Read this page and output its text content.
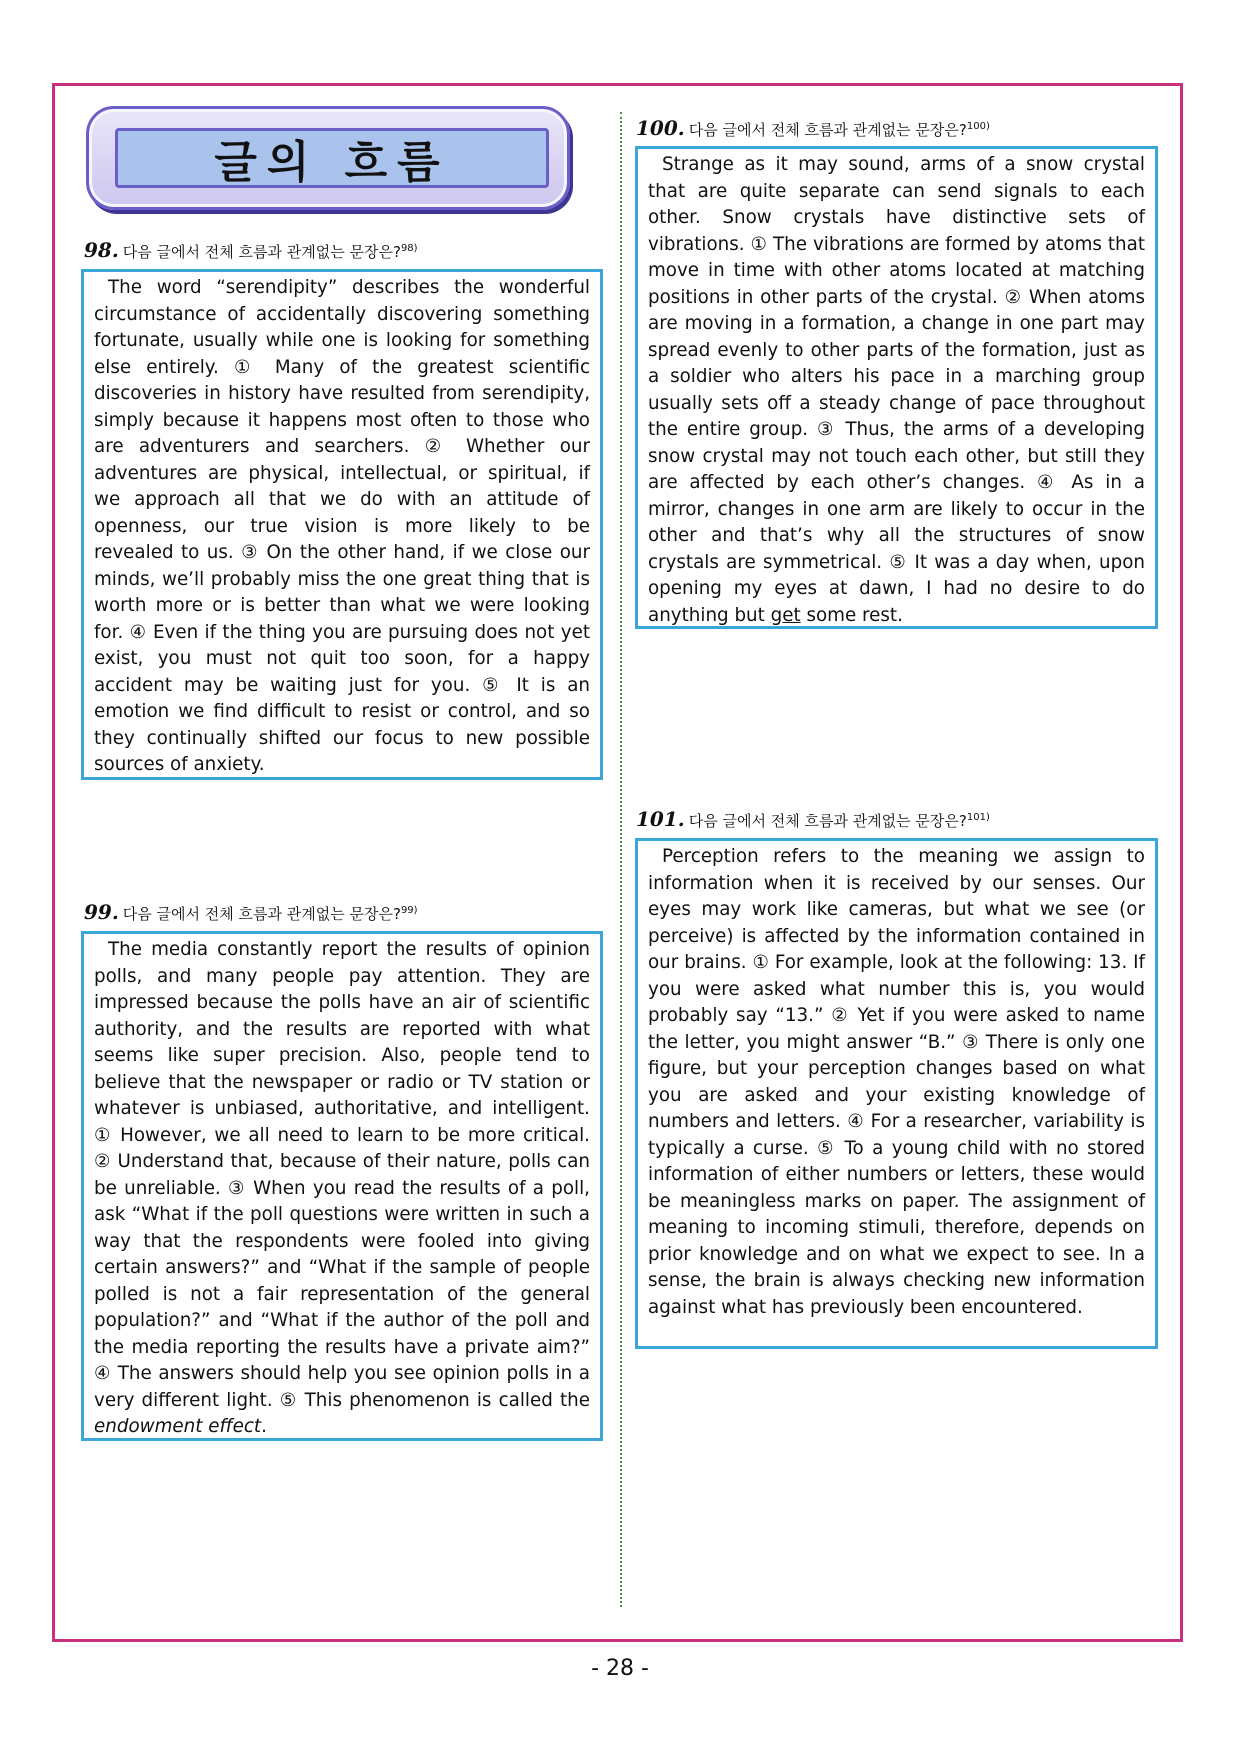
글의 흐름
98. 다음 글에서 전체 흐름과 관계없는 문장은?$^{98)}$

The word “serendipity” describes the wonderful circumstance of accidentally discovering something fortunate, usually while one is looking for something else entirely. ① Many of the greatest scientific discoveries in history have resulted from serendipity, simply because it happens most often to those who are adventurers and searchers. ② Whether our adventures are physical, intellectual, or spiritual, if we approach all that we do with an attitude of openness, our true vision is more likely to be revealed to us. ③ On the other hand, if we close our minds, we’ll probably miss the one great thing that is worth more or is better than what we were looking for. ④ Even if the thing you are pursuing does not yet exist, you must not quit too soon, for a happy accident may be waiting just for you. ⑤ It is an emotion we find difficult to resist or control, and so they continually shifted our focus to new possible sources of anxiety.

99. 다음 글에서 전체 흐름과 관계없는 문장은?$^{99)}$

The media constantly report the results of opinion polls, and many people pay attention. They are impressed because the polls have an air of scientific authority, and the results are reported with what seems like super precision. Also, people tend to believe that the newspaper or radio or TV station or whatever is unbiased, authoritative, and intelligent. ① However, we all need to learn to be more critical. ② Understand that, because of their nature, polls can be unreliable. ③ When you read the results of a poll, ask “What if the poll questions were written in such a way that the respondents were fooled into giving certain answers?” and “What if the sample of people polled is not a fair representation of the general population?” and “What if the author of the poll and the media reporting the results have a private aim?” ④ The answers should help you see opinion polls in a very different light. ⑤ This phenomenon is called the endowment effect.

100. 다음 글에서 전체 흐름과 관계없는 문장은?$^{100)}$

Strange as it may sound, arms of a snow crystal that are quite separate can send signals to each other. Snow crystals have distinctive sets of vibrations. ① The vibrations are formed by atoms that move in time with other atoms located at matching positions in other parts of the crystal. ② When atoms are moving in a formation, a change in one part may spread evenly to other parts of the formation, just as a soldier who alters his pace in a marching group usually sets off a steady change of pace throughout the entire group. ③ Thus, the arms of a developing snow crystal may not touch each other, but still they are affected by each other’s changes. ④ As in a mirror, changes in one arm are likely to occur in the other and that’s why all the structures of snow crystals are symmetrical. ⑤ It was a day when, upon opening my eyes at dawn, I had no desire to do anything but get some rest.

101. 다음 글에서 전체 흐름과 관계없는 문장은?$^{101)}$

Perception refers to the meaning we assign to information when it is received by our senses. Our eyes may work like cameras, but what we see (or perceive) is affected by the information contained in our brains. ① For example, look at the following: 13. If you were asked what number this is, you would probably say “13.” ② Yet if you were asked to name the letter, you might answer “B.” ③ There is only one figure, but your perception changes based on what you are asked and your existing knowledge of numbers and letters. ④ For a researcher, variability is typically a curse. ⑤ To a young child with no stored information of either numbers or letters, these would be meaningless marks on paper. The assignment of meaning to incoming stimuli, therefore, depends on prior knowledge and on what we expect to see. In a sense, the brain is always checking new information against what has previously been encountered.

- 28 -
